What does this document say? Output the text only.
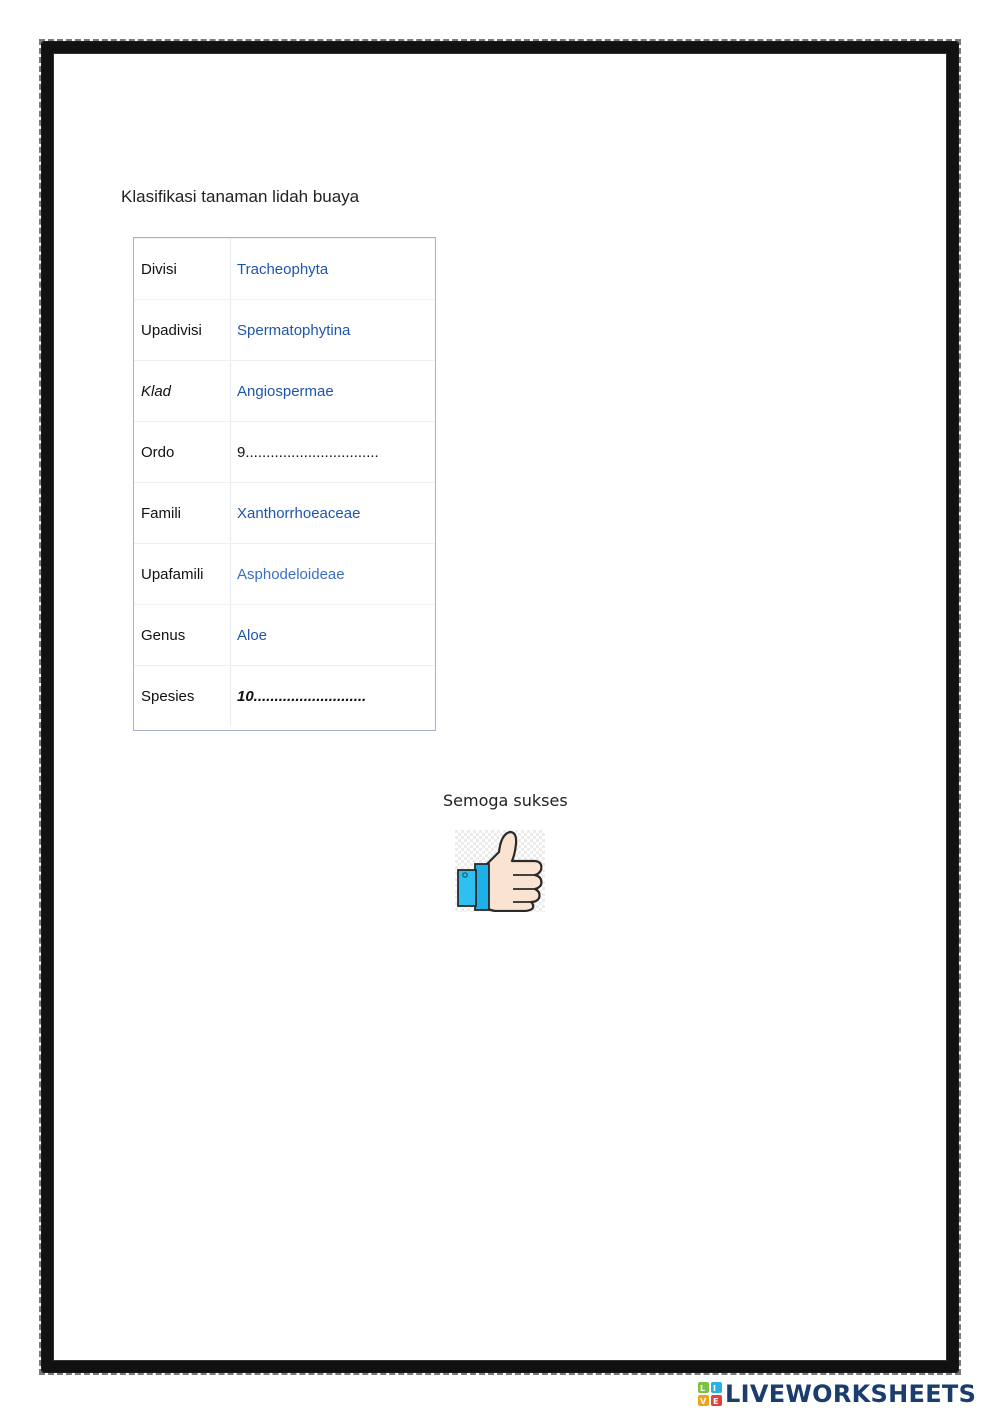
Klasifikasi tanaman lidah buaya
Divisi	Tracheophyta
Upadivisi	Spermatophytina
Klad	Angiospermae
Ordo	9................................
Famili	Xanthorrhoeaceae
Upafamili	Asphodeloideae
Genus	Aloe
Spesies	10...........................
Semoga sukses
L I
V E LIVEWORKSHEETS
